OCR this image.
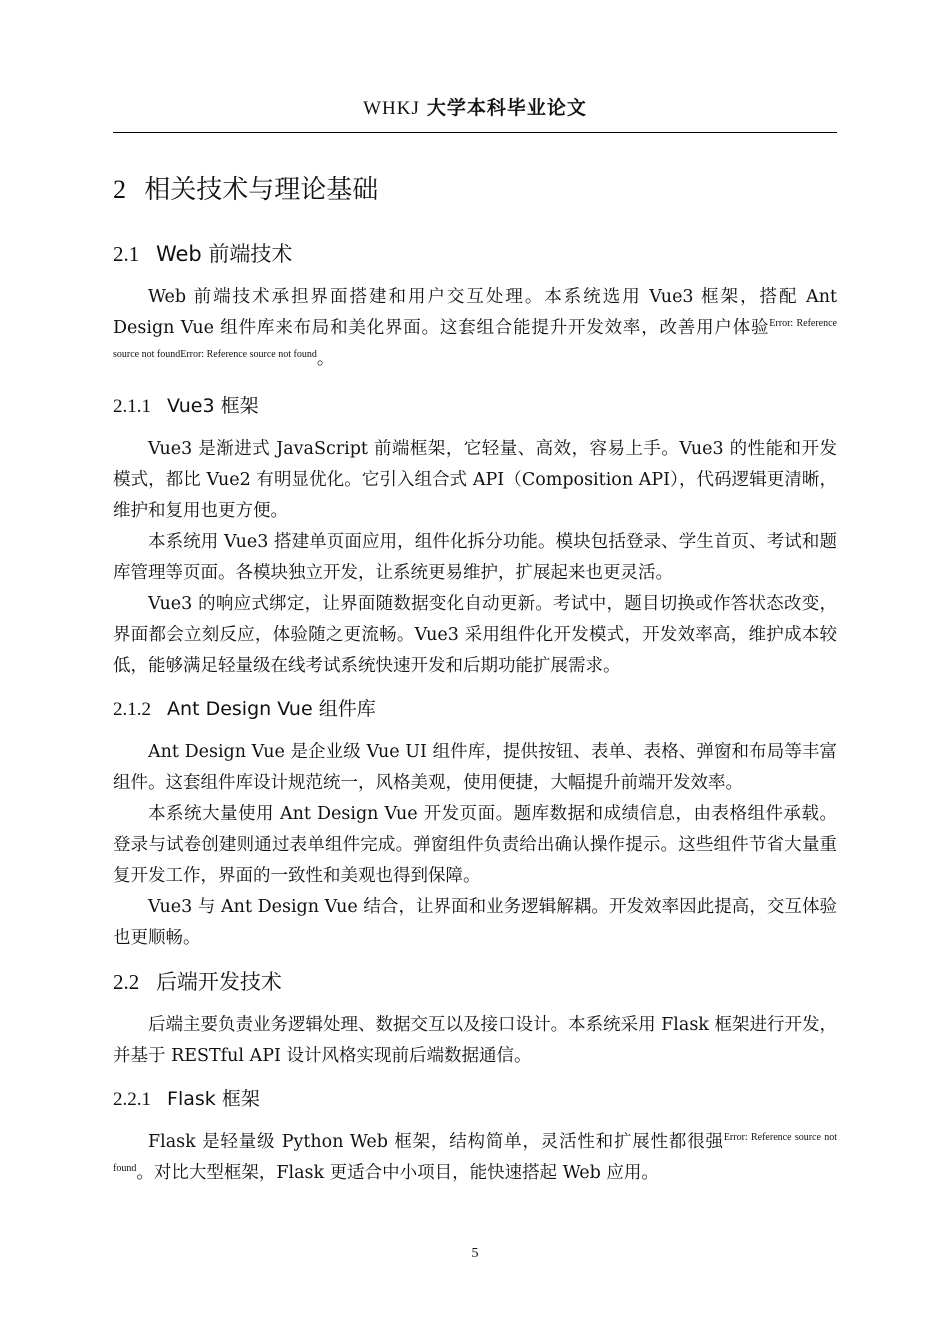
WHKJ 大学本科毕业论文
2 相关技术与理论基础
2.1 Web 前端技术

Web 前端技术承担界面搭建和用户交互处理。本系统选用 Vue3 框架，搭配 Ant Design Vue 组件库来布局和美化界面。这套组合能提升开发效率，改善用户体验$^{Error: Reference source not foundError: Reference source not found}$。

2.1.1 Vue3 框架

Vue3 是渐进式 JavaScript 前端框架，它轻量、高效，容易上手。Vue3 的性能和开发模式，都比 Vue2 有明显优化。它引入组合式 API（Composition API），代码逻辑更清晰，维护和复用也更方便。

本系统用 Vue3 搭建单页面应用，组件化拆分功能。模块包括登录、学生首页、考试和题库管理等页面。各模块独立开发，让系统更易维护，扩展起来也更灵活。

Vue3 的响应式绑定，让界面随数据变化自动更新。考试中，题目切换或作答状态改变，界面都会立刻反应，体验随之更流畅。Vue3 采用组件化开发模式，开发效率高，维护成本较低，能够满足轻量级在线考试系统快速开发和后期功能扩展需求。

2.1.2 Ant Design Vue 组件库

Ant Design Vue 是企业级 Vue UI 组件库，提供按钮、表单、表格、弹窗和布局等丰富组件。这套组件库设计规范统一，风格美观，使用便捷，大幅提升前端开发效率。

本系统大量使用 Ant Design Vue 开发页面。题库数据和成绩信息，由表格组件承载。登录与试卷创建则通过表单组件完成。弹窗组件负责给出确认操作提示。这些组件节省大量重复开发工作，界面的一致性和美观也得到保障。

Vue3 与 Ant Design Vue 结合，让界面和业务逻辑解耦。开发效率因此提高，交互体验也更顺畅。

2.2 后端开发技术

后端主要负责业务逻辑处理、数据交互以及接口设计。本系统采用 Flask 框架进行开发，并基于 RESTful API 设计风格实现前后端数据通信。

2.2.1 Flask 框架

Flask 是轻量级 Python Web 框架，结构简单，灵活性和扩展性都很强$^{Error: Reference source not found}$。对比大型框架，Flask 更适合中小项目，能快速搭起 Web 应用。

5
